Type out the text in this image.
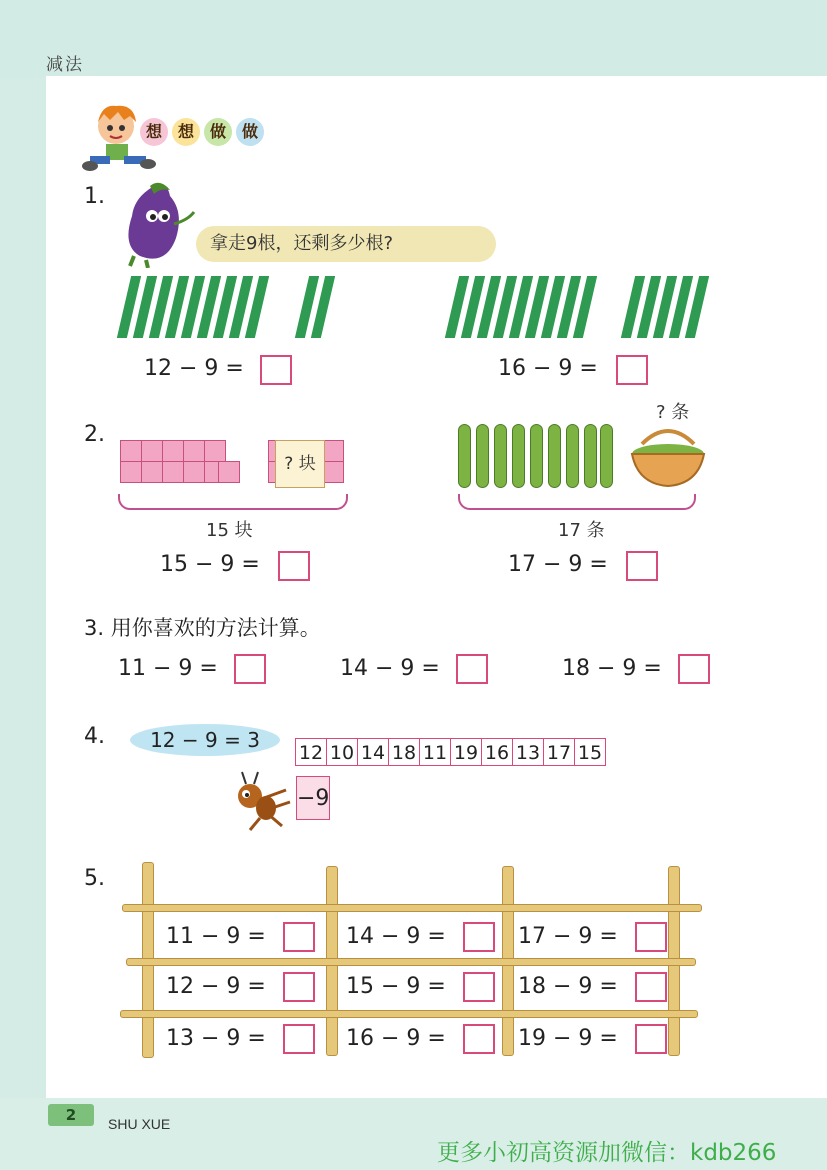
减法
想 想 做 做
1.
拿走9根，还剩多少根?
12 − 9 =	16 − 9 =
2.
? 块
15 块
15 − 9 =
? 条
17 条
17 − 9 =
3. 用你喜欢的方法计算。
11 − 9 =	14 − 9 =	18 − 9 =
4.	12 − 9 = 3
12 10 14 18 11 19 16 13 17 15
−9
5.
11 − 9 =	14 − 9 =	17 − 9 =
12 − 9 =	15 − 9 =	18 − 9 =
13 − 9 =	16 − 9 =	19 − 9 =
2	SHU XUE
更多小初高资源加微信：kdb266
